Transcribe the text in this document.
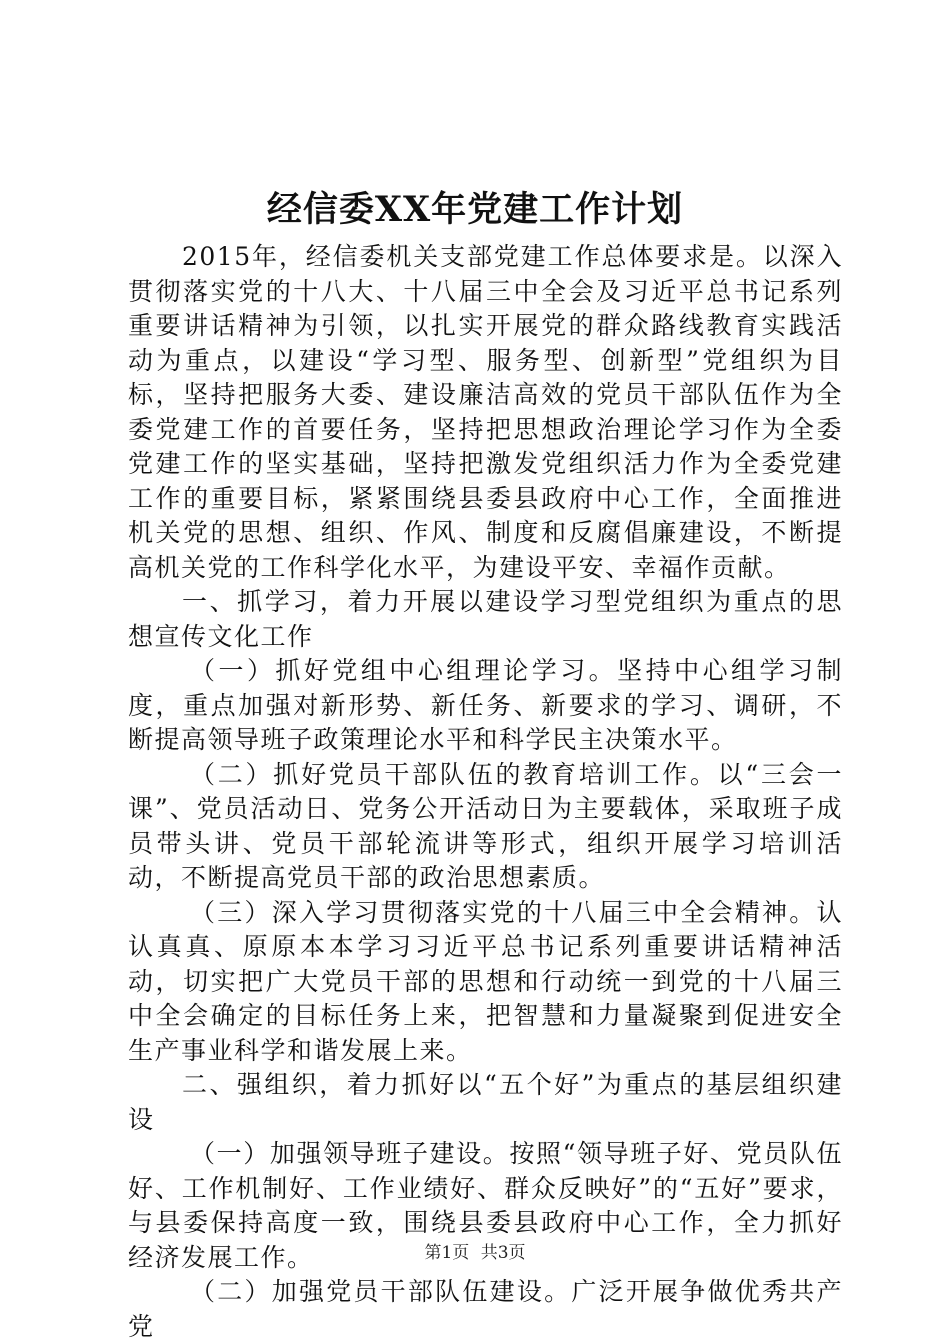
经信委XX年党建工作计划

2015年，经信委机关支部党建工作总体要求是。以深入贯彻落实党的十八大、十八届三中全会及习近平总书记系列重要讲话精神为引领，以扎实开展党的群众路线教育实践活动为重点，以建设“学习型、服务型、创新型”党组织为目标，坚持把服务大委、建设廉洁高效的党员干部队伍作为全委党建工作的首要任务，坚持把思想政治理论学习作为全委党建工作的坚实基础，坚持把激发党组织活力作为全委党建工作的重要目标，紧紧围绕县委县政府中心工作，全面推进机关党的思想、组织、作风、制度和反腐倡廉建设，不断提高机关党的工作科学化水平，为建设平安、幸福作贡献。

一、抓学习，着力开展以建设学习型党组织为重点的思想宣传文化工作

（一）抓好党组中心组理论学习。坚持中心组学习制度，重点加强对新形势、新任务、新要求的学习、调研，不断提高领导班子政策理论水平和科学民主决策水平。

（二）抓好党员干部队伍的教育培训工作。以“三会一课”、党员活动日、党务公开活动日为主要载体，采取班子成员带头讲、党员干部轮流讲等形式，组织开展学习培训活动，不断提高党员干部的政治思想素质。

（三）深入学习贯彻落实党的十八届三中全会精神。认认真真、原原本本学习习近平总书记系列重要讲话精神活动，切实把广大党员干部的思想和行动统一到党的十八届三中全会确定的目标任务上来，把智慧和力量凝聚到促进安全生产事业科学和谐发展上来。

二、强组织，着力抓好以“五个好”为重点的基层组织建设

（一）加强领导班子建设。按照“领导班子好、党员队伍好、工作机制好、工作业绩好、群众反映好”的“五好”要求，与县委保持高度一致，围绕县委县政府中心工作，全力抓好经济发展工作。

（二）加强党员干部队伍建设。广泛开展争做优秀共产党

第1页 共3页
